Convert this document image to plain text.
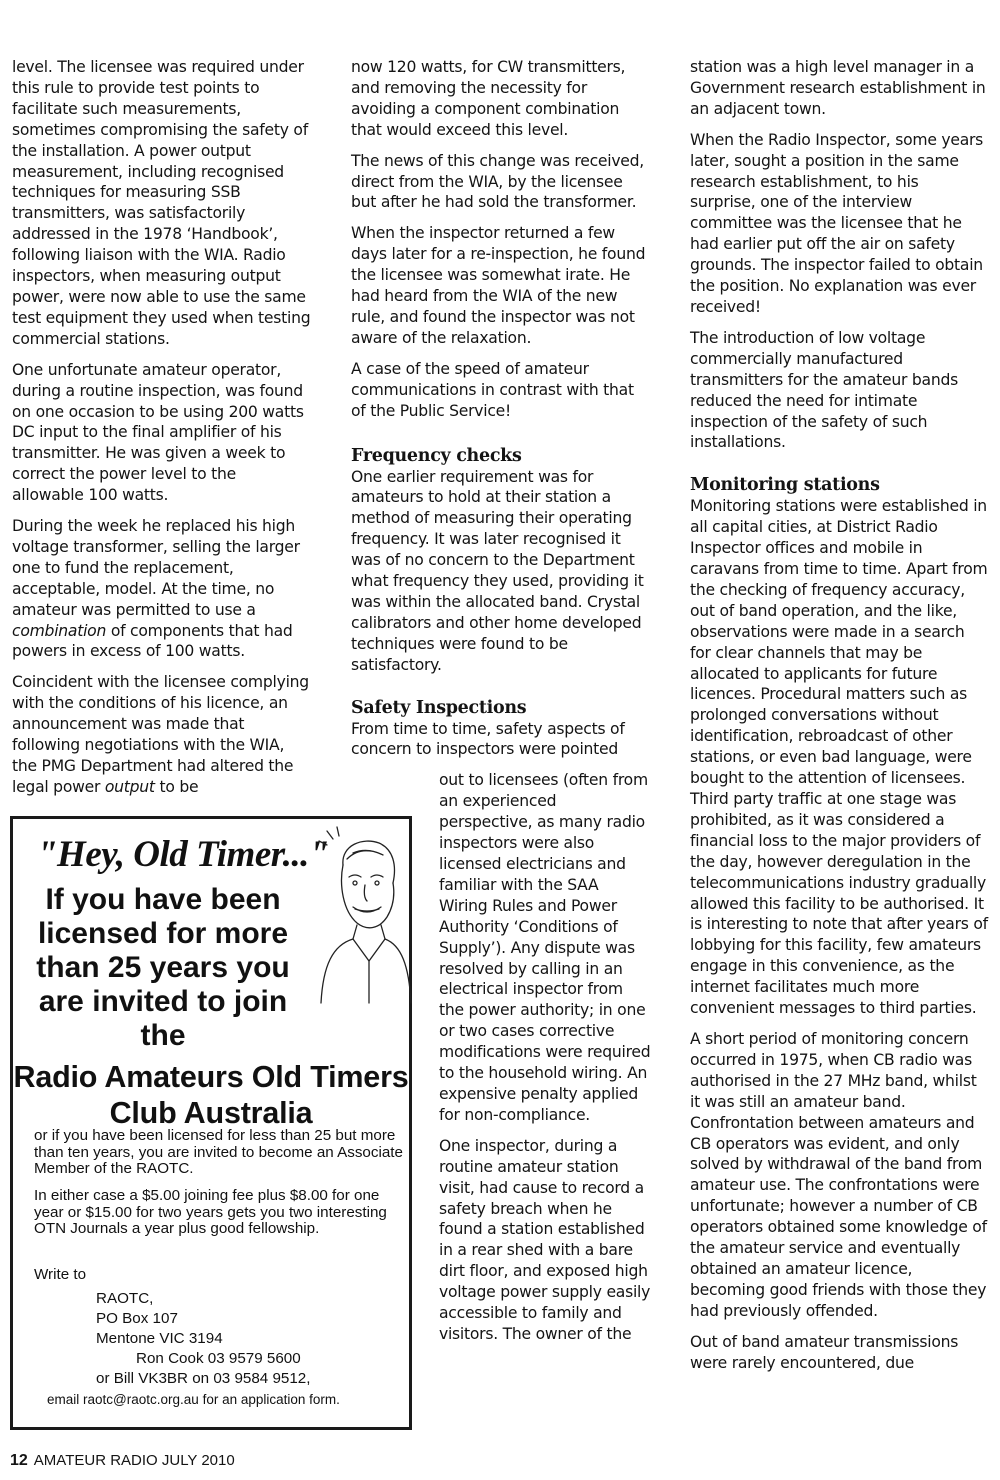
level. The licensee was required under this rule to provide test points to facilitate such measurements, sometimes compromising the safety of the installation. A power output measurement, including recognised techniques for measuring SSB transmitters, was satisfactorily addressed in the 1978 ‘Handbook’, following liaison with the WIA. Radio inspectors, when measuring output power, were now able to use the same test equipment they used when testing commercial stations.

One unfortunate amateur operator, during a routine inspection, was found on one occasion to be using 200 watts DC input to the final amplifier of his transmitter. He was given a week to correct the power level to the allowable 100 watts.

During the week he replaced his high voltage transformer, selling the larger one to fund the replacement, acceptable, model. At the time, no amateur was permitted to use a combination of components that had powers in excess of 100 watts.

Coincident with the licensee complying with the conditions of his licence, an announcement was made that following negotiations with the WIA, the PMG Department had altered the legal power output to be

now 120 watts, for CW transmitters, and removing the necessity for avoiding a component combination that would exceed this level.

The news of this change was received, direct from the WIA, by the licensee but after he had sold the transformer.

When the inspector returned a few days later for a re-inspection, he found the licensee was somewhat irate. He had heard from the WIA of the new rule, and found the inspector was not aware of the relaxation.

A case of the speed of amateur communications in contrast with that of the Public Service!

Frequency checks

One earlier requirement was for amateurs to hold at their station a method of measuring their operating frequency. It was later recognised it was of no concern to the Department what frequency they used, providing it was within the allocated band. Crystal calibrators and other home developed techniques were found to be satisfactory.

Safety Inspections

From time to time, safety aspects of concern to inspectors were pointed

out to licensees (often from an experienced perspective, as many radio inspectors were also licensed electricians and familiar with the SAA Wiring Rules and Power Authority ‘Conditions of Supply’). Any dispute was resolved by calling in an electrical inspector from the power authority; in one or two cases corrective modifications were required to the household wiring. An expensive penalty applied for non-compliance.

One inspector, during a routine amateur station visit, had cause to record a safety breach when he found a station established in a rear shed with a bare dirt floor, and exposed high voltage power supply easily accessible to family and visitors. The owner of the

station was a high level manager in a Government research establishment in an adjacent town.

When the Radio Inspector, some years later, sought a position in the same research establishment, to his surprise, one of the interview committee was the licensee that he had earlier put off the air on safety grounds. The inspector failed to obtain the position. No explanation was ever received!

The introduction of low voltage commercially manufactured transmitters for the amateur bands reduced the need for intimate inspection of the safety of such installations.

Monitoring stations

Monitoring stations were established in all capital cities, at District Radio Inspector offices and mobile in caravans from time to time. Apart from the checking of frequency accuracy, out of band operation, and the like, observations were made in a search for clear channels that may be allocated to applicants for future licences. Procedural matters such as prolonged conversations without identification, rebroadcast of other stations, or even bad language, were bought to the attention of licensees. Third party traffic at one stage was prohibited, as it was considered a financial loss to the major providers of the day, however deregulation in the telecommunications industry gradually allowed this facility to be authorised. It is interesting to note that after years of lobbying for this facility, few amateurs engage in this convenience, as the internet facilitates much more convenient messages to third parties.

A short period of monitoring concern occurred in 1975, when CB radio was authorised in the 27 MHz band, whilst it was still an amateur band. Confrontation between amateurs and CB operators was evident, and only solved by withdrawal of the band from amateur use. The confrontations were unfortunate; however a number of CB operators obtained some knowledge of the amateur service and eventually obtained an amateur licence, becoming good friends with those they had previously offended.

Out of band amateur transmissions were rarely encountered, due

"Hey, Old Timer..."

If you have been licensed for more than 25 years you are invited to join the

Radio Amateurs Old Timers Club Australia

or if you have been licensed for less than 25 but more than ten years, you are invited to become an Associate Member of the RAOTC.

In either case a $5.00 joining fee plus $8.00 for one year or $15.00 for two years gets you two interesting OTN Journals a year plus good fellowship.

Write to

RAOTC,

PO Box 107

Mentone VIC 3194

Ron Cook 03 9579 5600

or Bill VK3BR on 03 9584 9512,

email raotc@raotc.org.au for an application form.

12 AMATEUR RADIO JULY 2010
